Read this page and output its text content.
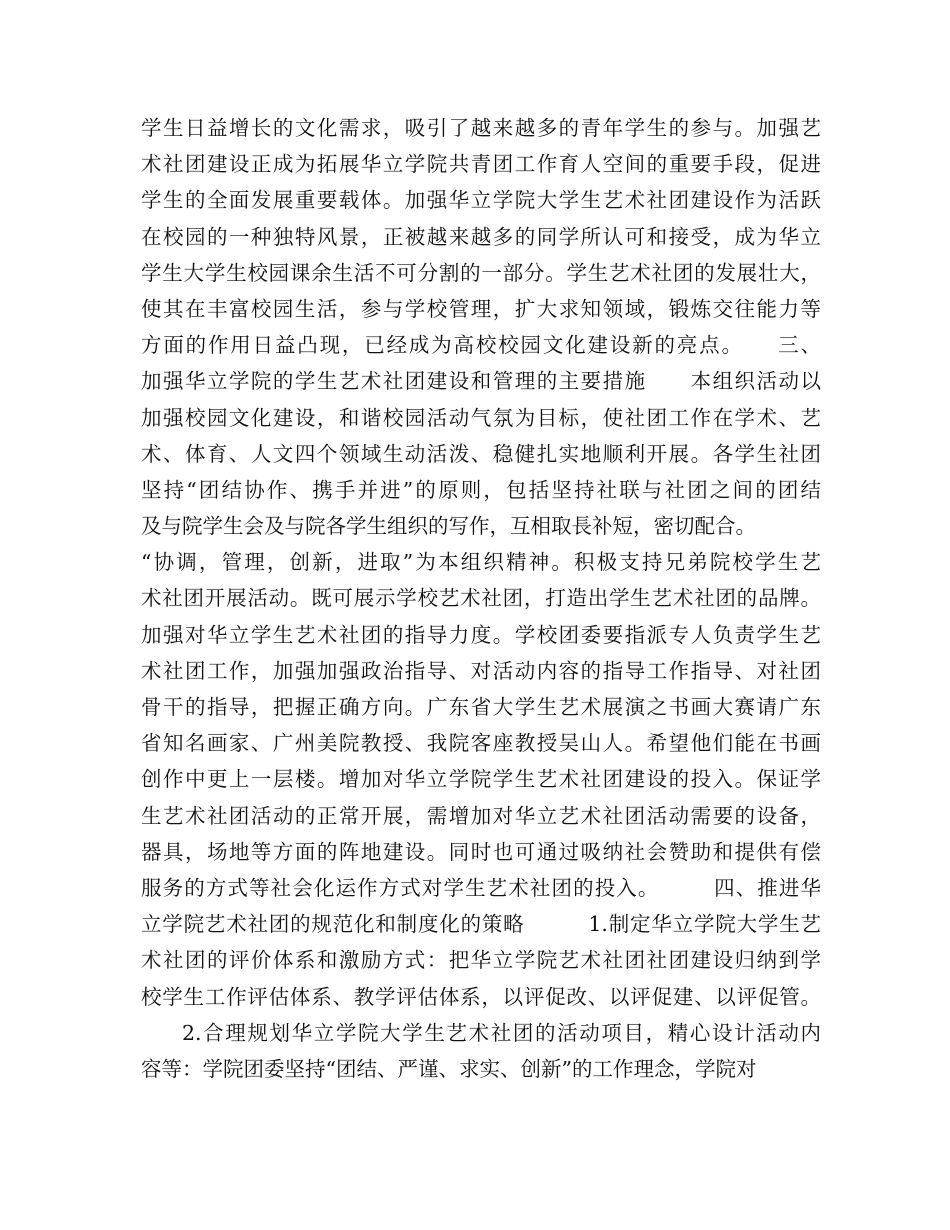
学生日益增长的文化需求，吸引了越来越多的青年学生的参与。加强艺
术社团建设正成为拓展华立学院共青团工作育人空间的重要手段，促进
学生的全面发展重要载体。加强华立学院大学生艺术社团建设作为活跃
在校园的一种独特风景，正被越来越多的同学所认可和接受，成为华立
学生大学生校园课余生活不可分割的一部分。学生艺术社团的发展壮大，
使其在丰富校园生活，参与学校管理，扩大求知领域，锻炼交往能力等
方面的作用日益凸现，已经成为高校校园文化建设新的亮点。　　三、
加强华立学院的学生艺术社团建设和管理的主要措施　　本组织活动以
加强校园文化建设，和谐校园活动气氛为目标，使社团工作在学术、艺
术、体育、人文四个领域生动活泼、稳健扎实地顺利开展。各学生社团
坚持“团结协作、携手并进”的原则，包括坚持社联与社团之间的团结
及与院学生会及与院各学生组织的写作，互相取長补短，密切配合。
“协调，管理，创新，进取”为本组织精神。积极支持兄弟院校学生艺
术社团开展活动。既可展示学校艺术社团，打造出学生艺术社团的品牌。
加强对华立学生艺术社团的指导力度。学校团委要指派专人负责学生艺
术社团工作，加强加强政治指导、对活动内容的指导工作指导、对社团
骨干的指导，把握正确方向。广东省大学生艺术展演之书画大赛请广东
省知名画家、广州美院教授、我院客座教授吴山人。希望他们能在书画
创作中更上一层楼。增加对华立学院学生艺术社团建设的投入。保证学
生艺术社团活动的正常开展，需增加对华立艺术社团活动需要的设备，
器具，场地等方面的阵地建设。同时也可通过吸纳社会赞助和提供有偿
服务的方式等社会化运作方式对学生艺术社团的投入。　　　四、推进华
立学院艺术社团的规范化和制度化的策略　　　1.制定华立学院大学生艺
术社团的评价体系和激励方式：把华立学院艺术社团社团建设归纳到学
校学生工作评估体系、教学评估体系，以评促改、以评促建、以评促管。
2.合理规划华立学院大学生艺术社团的活动项目，精心设计活动内
容等：学院团委坚持“团结、严谨、求实、创新”的工作理念，学院对
